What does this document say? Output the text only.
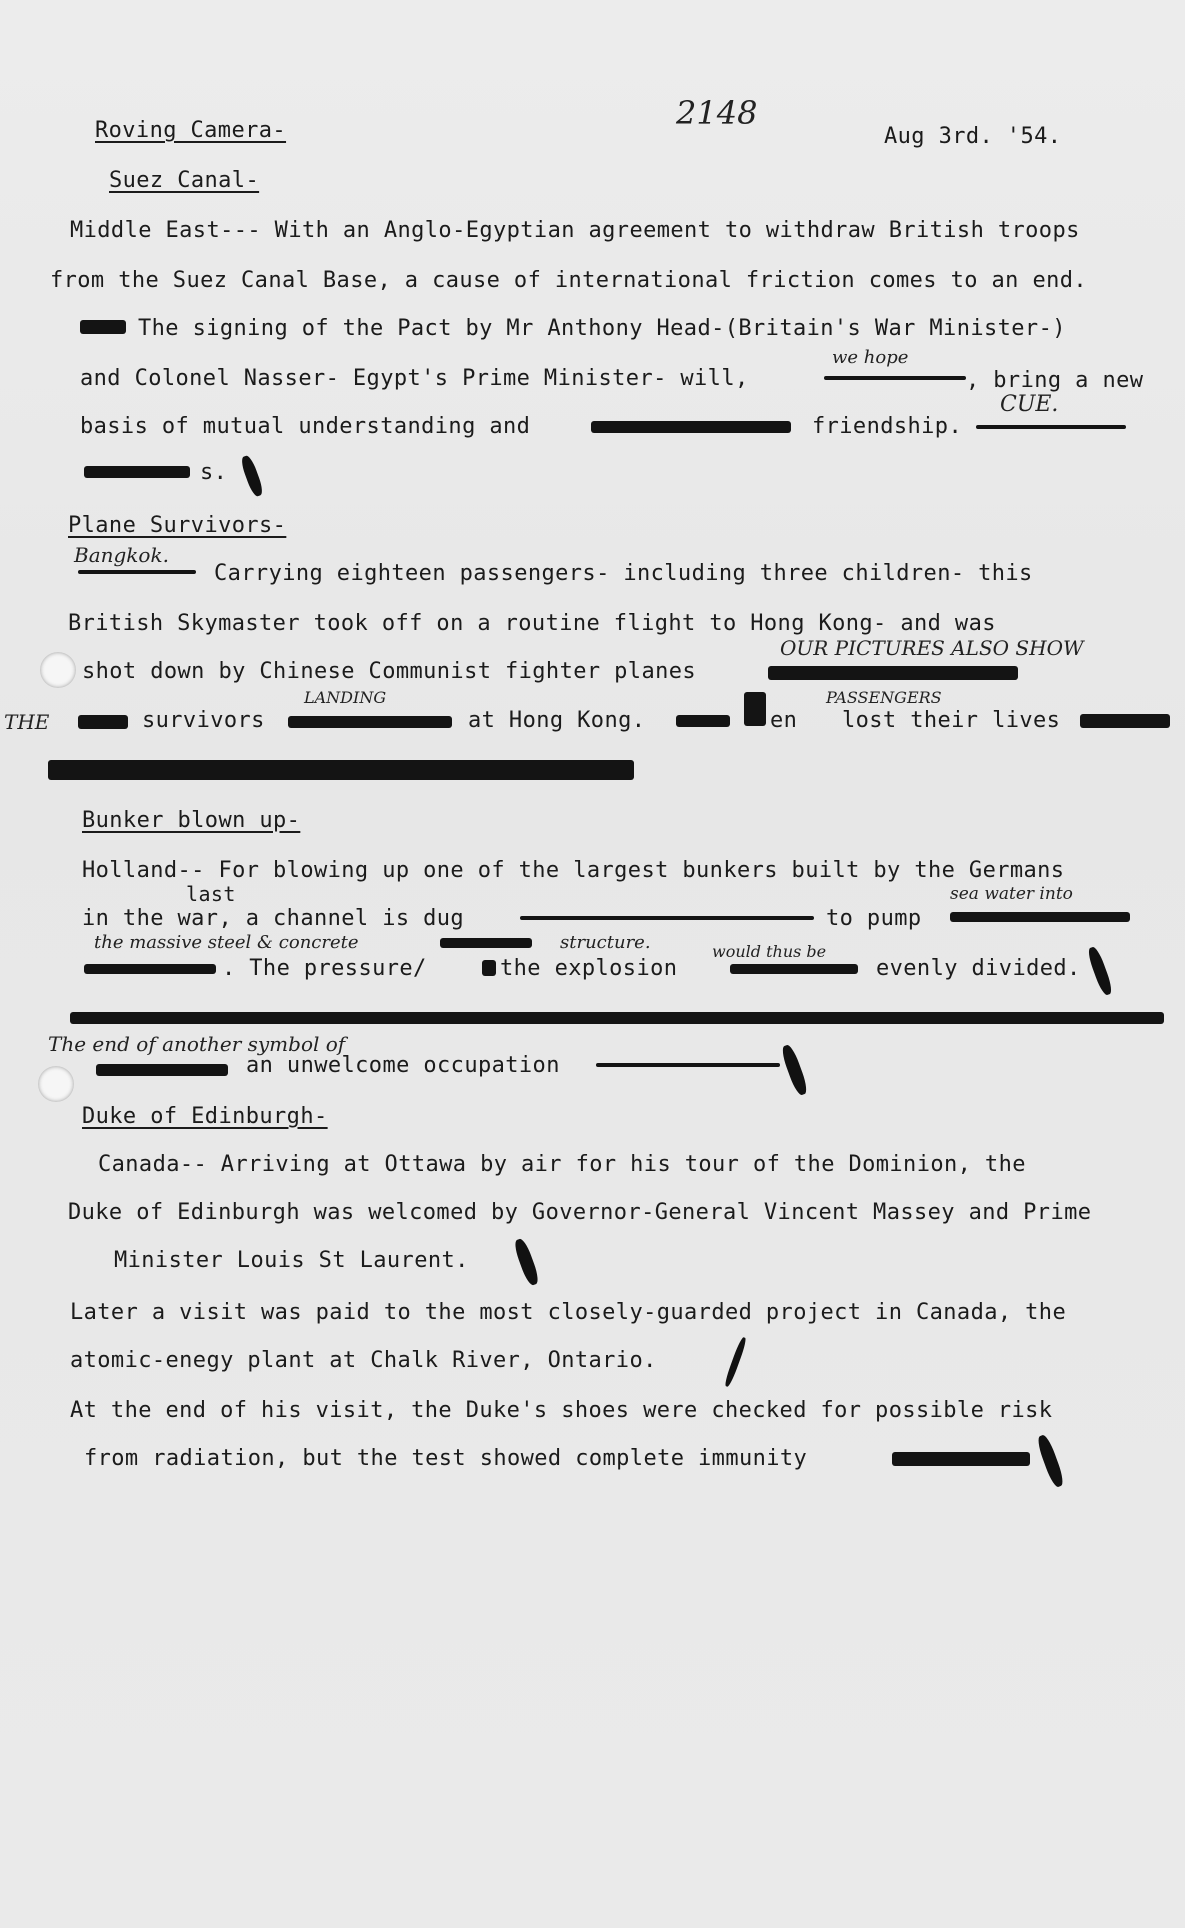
2148
Roving Camera-	Aug 3rd. '54.
Suez Canal-
Middle East--- With an Anglo-Egyptian agreement to withdraw British troops
from the Suez Canal Base, a cause of international friction comes to an end.
The signing of the Pact by Mr Anthony Head-(Britain's War Minister-)
and Colonel Nasser- Egypt's Prime Minister- will,
we hope
, bring a new
basis of mutual understanding and	friendship.
CUE.
s.
Plane Survivors-
Bangkok.
Carrying eighteen passengers- including three children- this
British Skymaster took off on a routine flight to Hong Kong- and was
shot down by Chinese Communist fighter planes
OUR PICTURES ALSO SHOW
THE	survivors
LANDING
at Hong Kong.	en
PASSENGERS
lost their lives
Bunker blown up-
Holland-- For blowing up one of the largest bunkers built by the Germans
last
in the war, a channel is dug	to pump
sea water into
the massive steel & concrete	structure.
. The pressure/	the explosion
would thus be
evenly divided.
The end of another symbol of
an unwelcome occupation
Duke of Edinburgh-
Canada-- Arriving at Ottawa by air for his tour of the Dominion, the
Duke of Edinburgh was welcomed by Governor-General Vincent Massey and Prime
Minister Louis St Laurent.
Later a visit was paid to the most closely-guarded project in Canada, the
atomic-enegy plant at Chalk River, Ontario.
At the end of his visit, the Duke's shoes were checked for possible risk
from radiation, but the test showed complete immunity
